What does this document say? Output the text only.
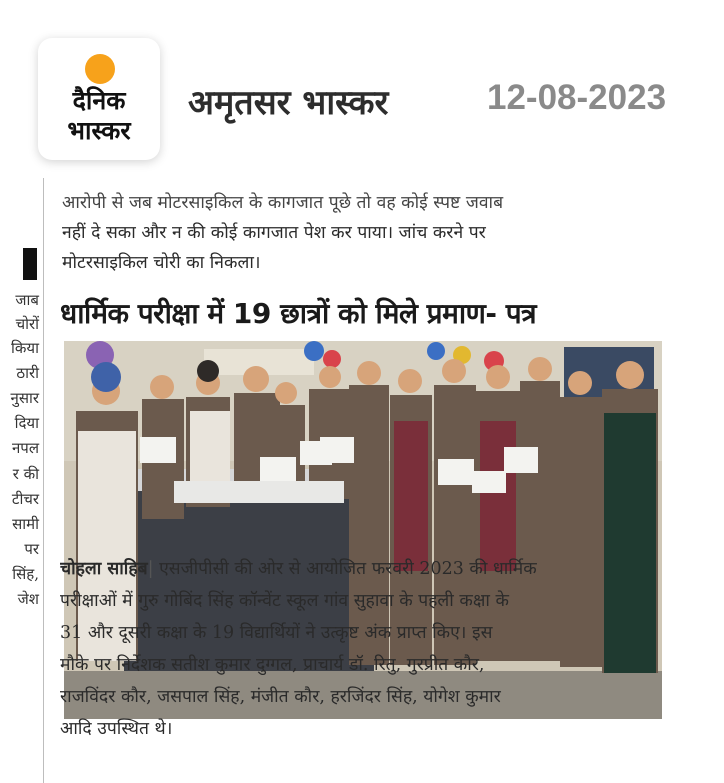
दैनिक
भास्कर
अमृतसर भास्कर	12-08-2023
जाब
चोरों
किया
ठारी
नुसार
दिया
नपल
र की
टीचर
सामी
पर
सिंह,
जेश
आरोपी से जब मोटरसाइकिल के कागजात पूछे तो वह कोई स्पष्ट जवाब
नहीं दे सका और न की कोई कागजात पेश कर पाया। जांच करने पर
मोटरसाइकिल चोरी का निकला।
धार्मिक परीक्षा में 19 छात्रों को मिले प्रमाण- पत्र
चोहला साहिब| एसजीपीसी की ओर से आयोजित फरवरी 2023 की धार्मिक
परीक्षाओं में गुरु गोबिंद सिंह कॉन्वेंट स्कूल गांव सुहावा के पहली कक्षा के
31 और दूसरी कक्षा के 19 विद्यार्थियों ने उत्कृष्ट अंक प्राप्त किए। इस
मौके पर निर्देशक सतीश कुमार दुग्गल, प्राचार्य डॉ. रितु, गुरप्रीत कौर,
राजविंदर कौर, जसपाल सिंह, मंजीत कौर, हरजिंदर सिंह, योगेश कुमार
आदि उपस्थित थे।
